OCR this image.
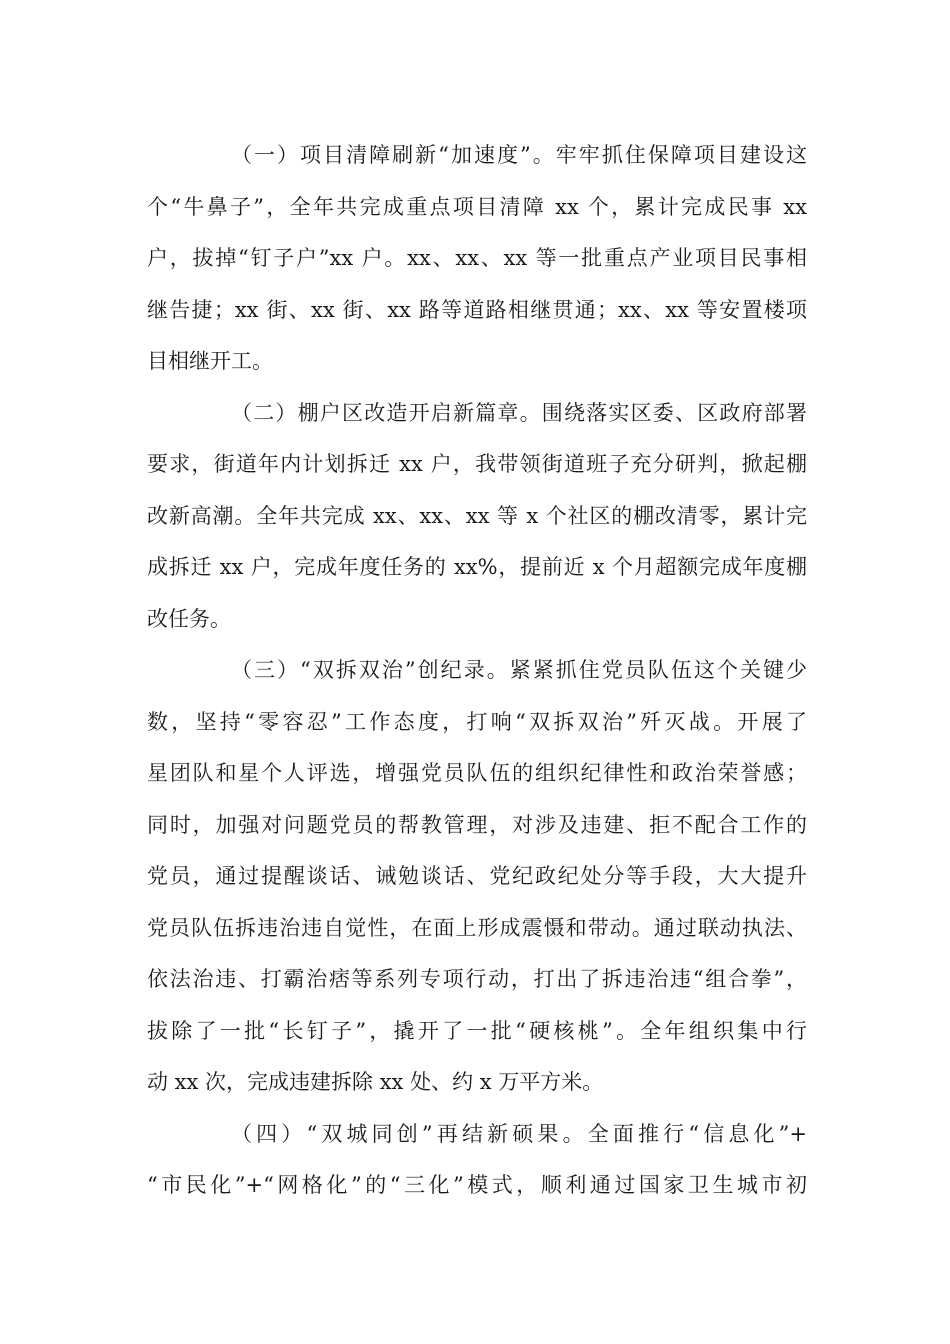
（一）项目清障刷新“加速度”。牢牢抓住保障项目建设这
个“牛鼻子”，全年共完成重点项目清障 xx 个，累计完成民事 xx
户，拔掉“钉子户”xx 户。xx、xx、xx 等一批重点产业项目民事相
继告捷；xx 街、xx 街、xx 路等道路相继贯通；xx、xx 等安置楼项
目相继开工。
（二）棚户区改造开启新篇章。围绕落实区委、区政府部署
要求，街道年内计划拆迁 xx 户，我带领街道班子充分研判，掀起棚
改新高潮。全年共完成 xx、xx、xx 等 x 个社区的棚改清零，累计完
成拆迁 xx 户，完成年度任务的 xx%，提前近 x 个月超额完成年度棚
改任务。
（三）“双拆双治”创纪录。紧紧抓住党员队伍这个关键少
数，坚持“零容忍”工作态度，打响“双拆双治”歼灭战。开展了
星团队和星个人评选，增强党员队伍的组织纪律性和政治荣誉感；
同时，加强对问题党员的帮教管理，对涉及违建、拒不配合工作的
党员，通过提醒谈话、诫勉谈话、党纪政纪处分等手段，大大提升
党员队伍拆违治违自觉性，在面上形成震慑和带动。通过联动执法、
依法治违、打霸治痞等系列专项行动，打出了拆违治违“组合拳”，
拔除了一批“长钉子”，撬开了一批“硬核桃”。全年组织集中行
动 xx 次，完成违建拆除 xx 处、约 x 万平方米。
（四）“双城同创”再结新硕果。全面推行“信息化”+
“市民化”+“网格化”的“三化”模式，顺利通过国家卫生城市初
